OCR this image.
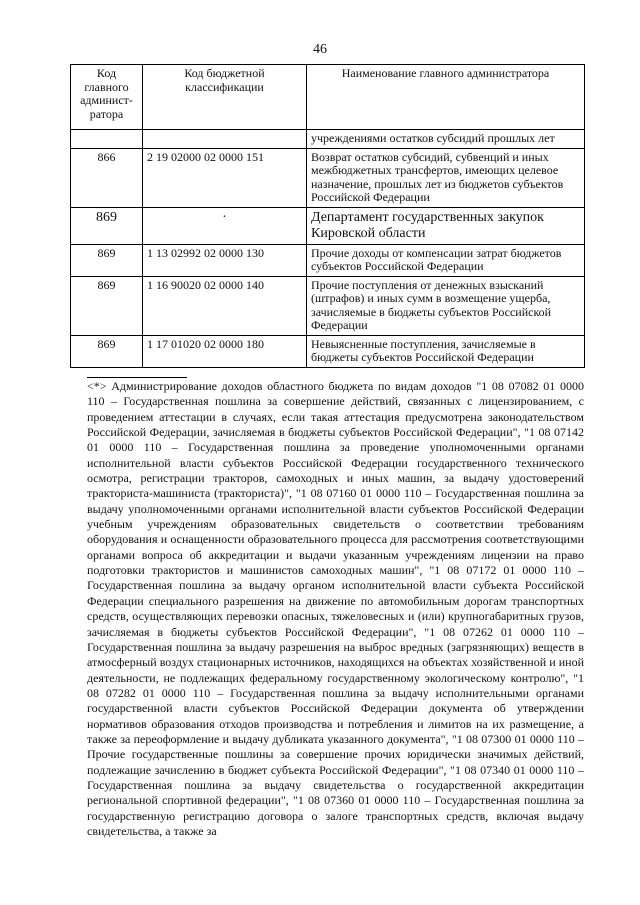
46
Код главного админист-ратора	Код бюджетной классификации	Наименование главного администратора
		учреждениями остатков субсидий прошлых лет
866	2 19 02000 02 0000 151	Возврат остатков субсидий, субвенций и иных межбюджетных трансфертов, имеющих целевое назначение, прошлых лет из бюджетов субъектов Российской Федерации
869	·	Департамент государственных закупок Кировской области
869	1 13 02992 02 0000 130	Прочие доходы от компенсации затрат бюджетов субъектов Российской Федерации
869	1 16 90020 02 0000 140	Прочие поступления от денежных взысканий (штрафов) и иных сумм в возмещение ущерба, зачисляемые в бюджеты субъектов Российской Федерации
869	1 17 01020 02 0000 180	Невыясненные поступления, зачисляемые в бюджеты субъектов Российской Федерации
<*> Администрирование доходов областного бюджета по видам доходов "1 08 07082 01 0000 110 – Государственная пошлина за совершение действий, связанных с лицензированием, с проведением аттестации в случаях, если такая аттестация предусмотрена законодательством Российской Федерации, зачисляемая в бюджеты субъектов Российской Федерации", "1 08 07142 01 0000 110 – Государственная пошлина за проведение уполномоченными органами исполнительной власти субъектов Российской Федерации государственного технического осмотра, регистрации тракторов, самоходных и иных машин, за выдачу удостоверений тракториста-машиниста (тракториста)", "1 08 07160 01 0000 110 – Государственная пошлина за выдачу уполномоченными органами исполнительной власти субъектов Российской Федерации учебным учреждениям образовательных свидетельств о соответствии требованиям оборудования и оснащенности образовательного процесса для рассмотрения соответствующими органами вопроса об аккредитации и выдачи указанным учреждениям лицензии на право подготовки трактористов и машинистов самоходных машин", "1 08 07172 01 0000 110 – Государственная пошлина за выдачу органом исполнительной власти субъекта Российской Федерации специального разрешения на движение по автомобильным дорогам транспортных средств, осуществляющих перевозки опасных, тяжеловесных и (или) крупногабаритных грузов, зачисляемая в бюджеты субъектов Российской Федерации", "1 08 07262 01 0000 110 – Государственная пошлина за выдачу разрешения на выброс вредных (загрязняющих) веществ в атмосферный воздух стационарных источников, находящихся на объектах хозяйственной и иной деятельности, не подлежащих федеральному государственному экологическому контролю", "1 08 07282 01 0000 110 – Государственная пошлина за выдачу исполнительными органами государственной власти субъектов Российской Федерации документа об утверждении нормативов образования отходов производства и потребления и лимитов на их размещение, а также за переоформление и выдачу дубликата указанного документа", "1 08 07300 01 0000 110 – Прочие государственные пошлины за совершение прочих юридически значимых действий, подлежащие зачислению в бюджет субъекта Российской Федерации", "1 08 07340 01 0000 110 – Государственная пошлина за выдачу свидетельства о государственной аккредитации региональной спортивной федерации", "1 08 07360 01 0000 110 – Государственная пошлина за государственную регистрацию договора о залоге транспортных средств, включая выдачу свидетельства, а также за
